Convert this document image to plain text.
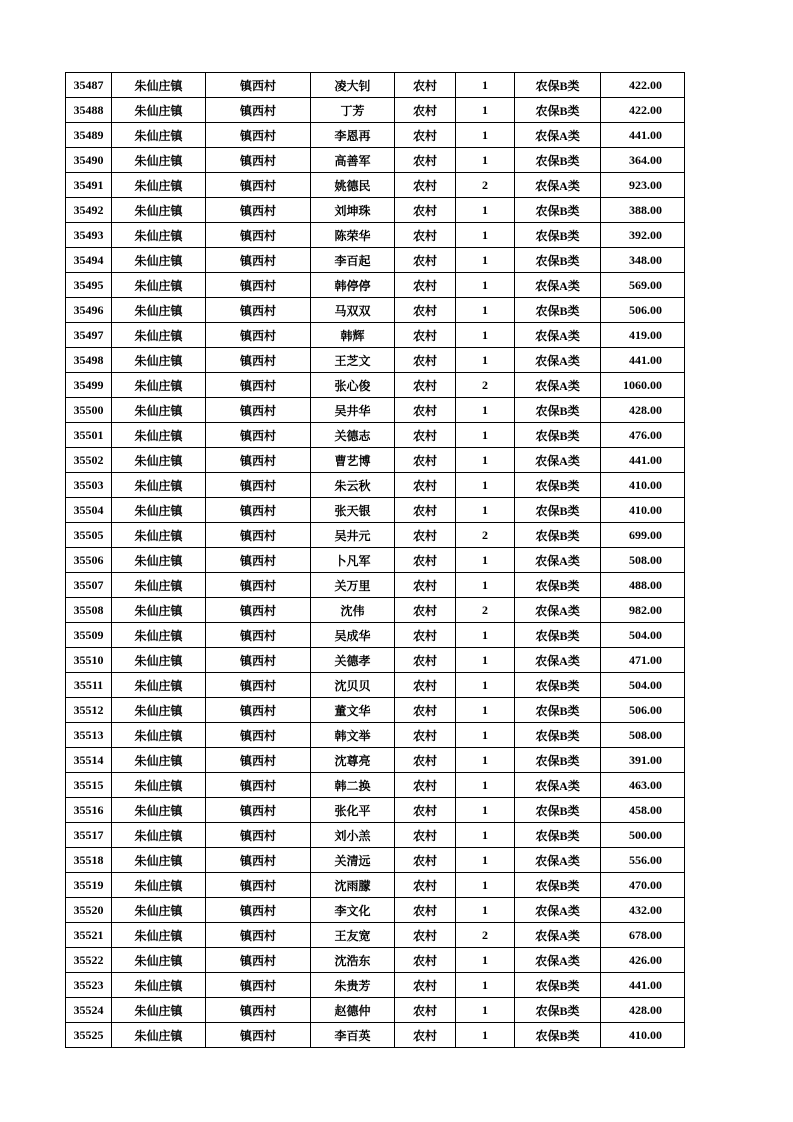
35487	朱仙庄镇	镇西村	凌大钊	农村	1	农保B类	422.00
35488	朱仙庄镇	镇西村	丁芳	农村	1	农保B类	422.00
35489	朱仙庄镇	镇西村	李恩再	农村	1	农保A类	441.00
35490	朱仙庄镇	镇西村	高善军	农村	1	农保B类	364.00
35491	朱仙庄镇	镇西村	姚德民	农村	2	农保A类	923.00
35492	朱仙庄镇	镇西村	刘坤珠	农村	1	农保B类	388.00
35493	朱仙庄镇	镇西村	陈荣华	农村	1	农保B类	392.00
35494	朱仙庄镇	镇西村	李百起	农村	1	农保B类	348.00
35495	朱仙庄镇	镇西村	韩停停	农村	1	农保A类	569.00
35496	朱仙庄镇	镇西村	马双双	农村	1	农保B类	506.00
35497	朱仙庄镇	镇西村	韩辉	农村	1	农保A类	419.00
35498	朱仙庄镇	镇西村	王芝文	农村	1	农保A类	441.00
35499	朱仙庄镇	镇西村	张心俊	农村	2	农保A类	1060.00
35500	朱仙庄镇	镇西村	吴井华	农村	1	农保B类	428.00
35501	朱仙庄镇	镇西村	关德志	农村	1	农保B类	476.00
35502	朱仙庄镇	镇西村	曹艺博	农村	1	农保A类	441.00
35503	朱仙庄镇	镇西村	朱云秋	农村	1	农保B类	410.00
35504	朱仙庄镇	镇西村	张天银	农村	1	农保B类	410.00
35505	朱仙庄镇	镇西村	吴井元	农村	2	农保B类	699.00
35506	朱仙庄镇	镇西村	卜凡军	农村	1	农保A类	508.00
35507	朱仙庄镇	镇西村	关万里	农村	1	农保B类	488.00
35508	朱仙庄镇	镇西村	沈伟	农村	2	农保A类	982.00
35509	朱仙庄镇	镇西村	吴成华	农村	1	农保B类	504.00
35510	朱仙庄镇	镇西村	关德孝	农村	1	农保A类	471.00
35511	朱仙庄镇	镇西村	沈贝贝	农村	1	农保B类	504.00
35512	朱仙庄镇	镇西村	董文华	农村	1	农保B类	506.00
35513	朱仙庄镇	镇西村	韩文举	农村	1	农保B类	508.00
35514	朱仙庄镇	镇西村	沈尊亮	农村	1	农保B类	391.00
35515	朱仙庄镇	镇西村	韩二换	农村	1	农保A类	463.00
35516	朱仙庄镇	镇西村	张化平	农村	1	农保B类	458.00
35517	朱仙庄镇	镇西村	刘小羔	农村	1	农保B类	500.00
35518	朱仙庄镇	镇西村	关清远	农村	1	农保A类	556.00
35519	朱仙庄镇	镇西村	沈雨朦	农村	1	农保B类	470.00
35520	朱仙庄镇	镇西村	李文化	农村	1	农保A类	432.00
35521	朱仙庄镇	镇西村	王友宽	农村	2	农保A类	678.00
35522	朱仙庄镇	镇西村	沈浩东	农村	1	农保A类	426.00
35523	朱仙庄镇	镇西村	朱贵芳	农村	1	农保B类	441.00
35524	朱仙庄镇	镇西村	赵德仲	农村	1	农保B类	428.00
35525	朱仙庄镇	镇西村	李百英	农村	1	农保B类	410.00
